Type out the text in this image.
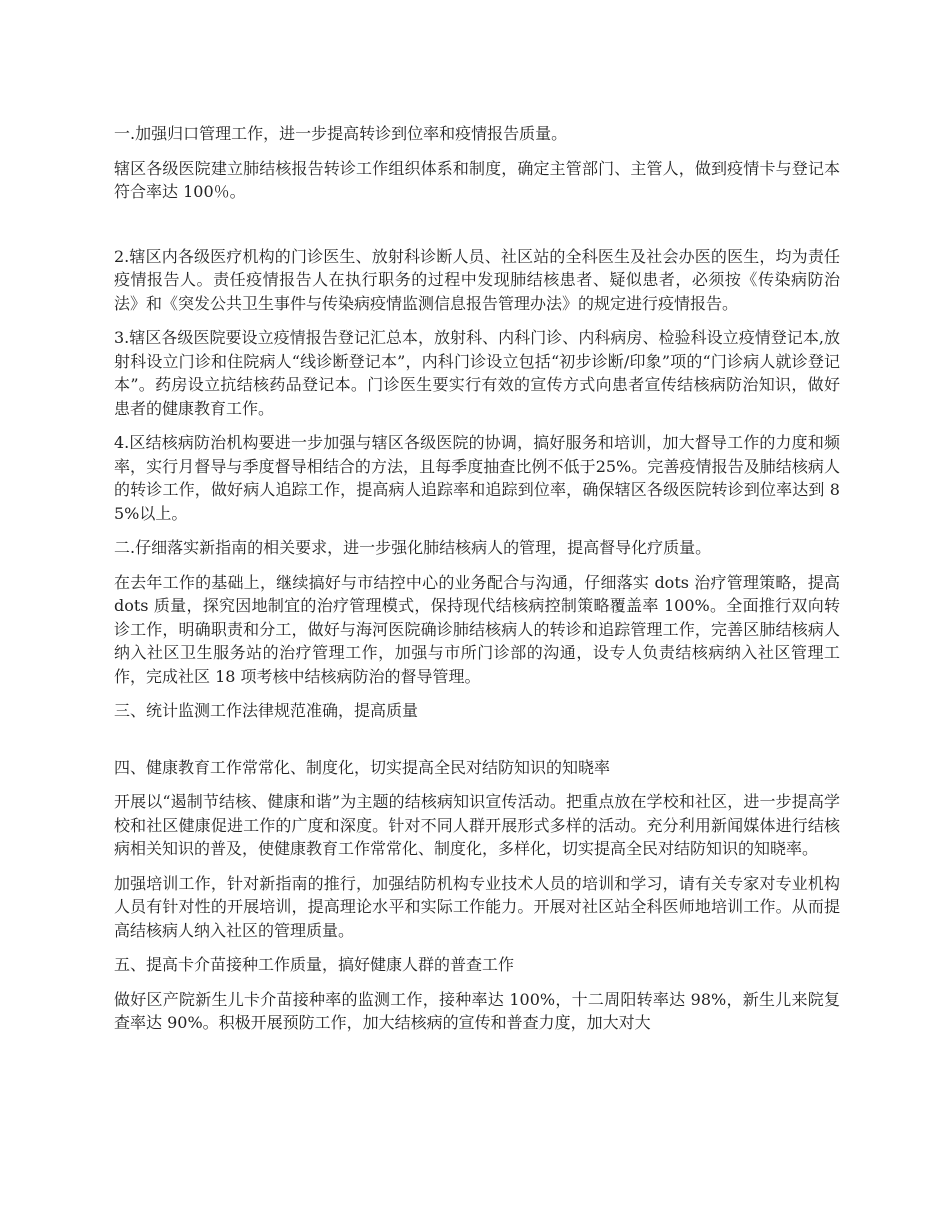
一.加强归口管理工作，进一步提高转诊到位率和疫情报告质量。

辖区各级医院建立肺结核报告转诊工作组织体系和制度，确定主管部门、主管人，做到疫情卡与登记本符合率达 100％。

2.辖区内各级医疗机构的门诊医生、放射科诊断人员、社区站的全科医生及社会办医的医生，均为责任疫情报告人。责任疫情报告人在执行职务的过程中发现肺结核患者、疑似患者，必须按《传染病防治法》和《突发公共卫生事件与传染病疫情监测信息报告管理办法》的规定进行疫情报告。

3.辖区各级医院要设立疫情报告登记汇总本，放射科、内科门诊、内科病房、检验科设立疫情登记本,放射科设立门诊和住院病人“线诊断登记本”，内科门诊设立包括“初步诊断/印象”项的“门诊病人就诊登记本”。药房设立抗结核药品登记本。门诊医生要实行有效的宣传方式向患者宣传结核病防治知识，做好患者的健康教育工作。

4.区结核病防治机构要进一步加强与辖区各级医院的协调，搞好服务和培训，加大督导工作的力度和频率，实行月督导与季度督导相结合的方法，且每季度抽查比例不低于25%。完善疫情报告及肺结核病人的转诊工作，做好病人追踪工作，提高病人追踪率和追踪到位率，确保辖区各级医院转诊到位率达到 85%以上。

二.仔细落实新指南的相关要求，进一步强化肺结核病人的管理，提高督导化疗质量。

在去年工作的基础上，继续搞好与市结控中心的业务配合与沟通，仔细落实 dots 治疗管理策略，提高 dots 质量，探究因地制宜的治疗管理模式，保持现代结核病控制策略覆盖率 100%。全面推行双向转诊工作，明确职责和分工，做好与海河医院确诊肺结核病人的转诊和追踪管理工作，完善区肺结核病人纳入社区卫生服务站的治疗管理工作，加强与市所门诊部的沟通，设专人负责结核病纳入社区管理工作，完成社区 18 项考核中结核病防治的督导管理。

三、统计监测工作法律规范准确，提高质量

四、健康教育工作常常化、制度化，切实提高全民对结防知识的知晓率

开展以“遏制节结核、健康和谐”为主题的结核病知识宣传活动。把重点放在学校和社区，进一步提高学校和社区健康促进工作的广度和深度。针对不同人群开展形式多样的活动。充分利用新闻媒体进行结核病相关知识的普及，使健康教育工作常常化、制度化，多样化，切实提高全民对结防知识的知晓率。

加强培训工作，针对新指南的推行，加强结防机构专业技术人员的培训和学习，请有关专家对专业机构人员有针对性的开展培训，提高理论水平和实际工作能力。开展对社区站全科医师地培训工作。从而提高结核病人纳入社区的管理质量。

五、提高卡介苗接种工作质量，搞好健康人群的普查工作

做好区产院新生儿卡介苗接种率的监测工作，接种率达 100%，十二周阳转率达 98%，新生儿来院复查率达 90%。积极开展预防工作，加大结核病的宣传和普查力度，加大对大
